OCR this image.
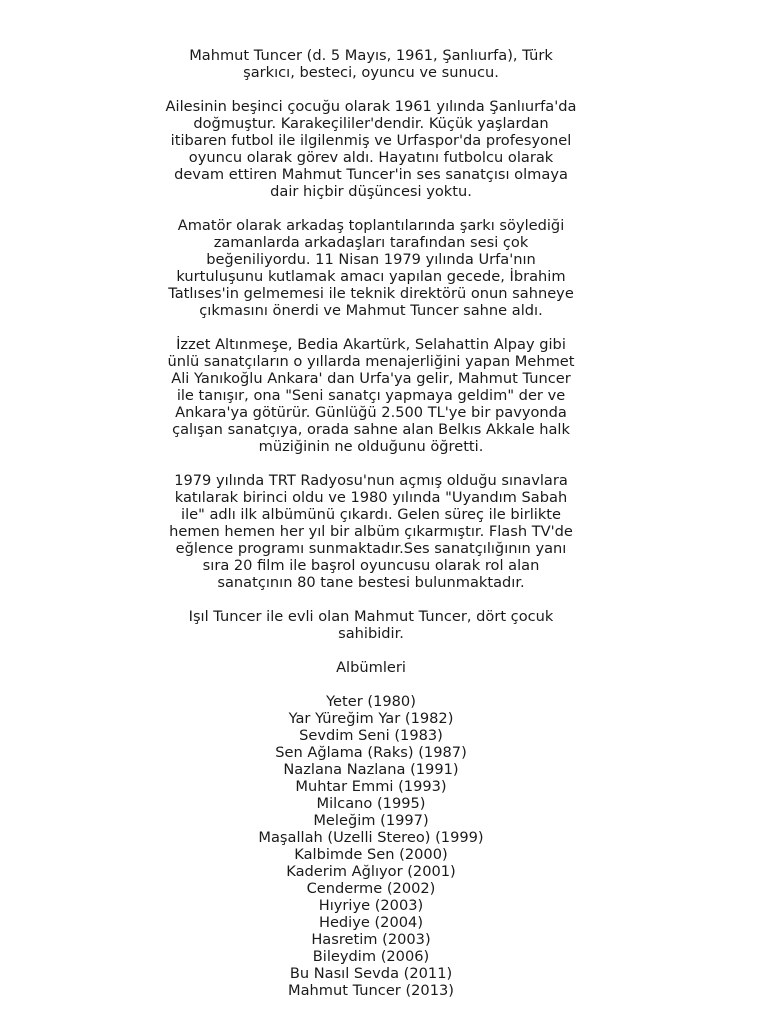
Mahmut Tuncer (d. 5 Mayıs, 1961, Şanlıurfa), Türk
şarkıcı, besteci, oyuncu ve sunucu.

Ailesinin beşinci çocuğu olarak 1961 yılında Şanlıurfa'da
doğmuştur. Karakeçililer'dendir. Küçük yaşlardan
itibaren futbol ile ilgilenmiş ve Urfaspor'da profesyonel
oyuncu olarak görev aldı. Hayatını futbolcu olarak
devam ettiren Mahmut Tuncer'in ses sanatçısı olmaya
dair hiçbir düşüncesi yoktu.

Amatör olarak arkadaş toplantılarında şarkı söylediği
zamanlarda arkadaşları tarafından sesi çok
beğeniliyordu. 11 Nisan 1979 yılında Urfa'nın
kurtuluşunu kutlamak amacı yapılan gecede, İbrahim
Tatlıses'in gelmemesi ile teknik direktörü onun sahneye
çıkmasını önerdi ve Mahmut Tuncer sahne aldı.

İzzet Altınmeşe, Bedia Akartürk, Selahattin Alpay gibi
ünlü sanatçıların o yıllarda menajerliğini yapan Mehmet
Ali Yanıkoğlu Ankara' dan Urfa'ya gelir, Mahmut Tuncer
ile tanışır, ona "Seni sanatçı yapmaya geldim" der ve
Ankara'ya götürür. Günlüğü 2.500 TL'ye bir pavyonda
çalışan sanatçıya, orada sahne alan Belkıs Akkale halk
müziğinin ne olduğunu öğretti.

1979 yılında TRT Radyosu'nun açmış olduğu sınavlara
katılarak birinci oldu ve 1980 yılında "Uyandım Sabah
ile" adlı ilk albümünü çıkardı. Gelen süreç ile birlikte
hemen hemen her yıl bir albüm çıkarmıştır. Flash TV'de
eğlence programı sunmaktadır.Ses sanatçılığının yanı
sıra 20 film ile başrol oyuncusu olarak rol alan
sanatçının 80 tane bestesi bulunmaktadır.

Işıl Tuncer ile evli olan Mahmut Tuncer, dört çocuk
sahibidir.

Albümleri

Yeter (1980)
Yar Yüreğim Yar (1982)
Sevdim Seni (1983)
Sen Ağlama (Raks) (1987)
Nazlana Nazlana (1991)
Muhtar Emmi (1993)
Milcano (1995)
Meleğim (1997)
Maşallah (Uzelli Stereo) (1999)
Kalbimde Sen (2000)
Kaderim Ağlıyor (2001)
Cenderme (2002)
Hıyriye (2003)
Hediye (2004)
Hasretim (2003)
Bileydim (2006)
Bu Nasıl Sevda (2011)
Mahmut Tuncer (2013)
